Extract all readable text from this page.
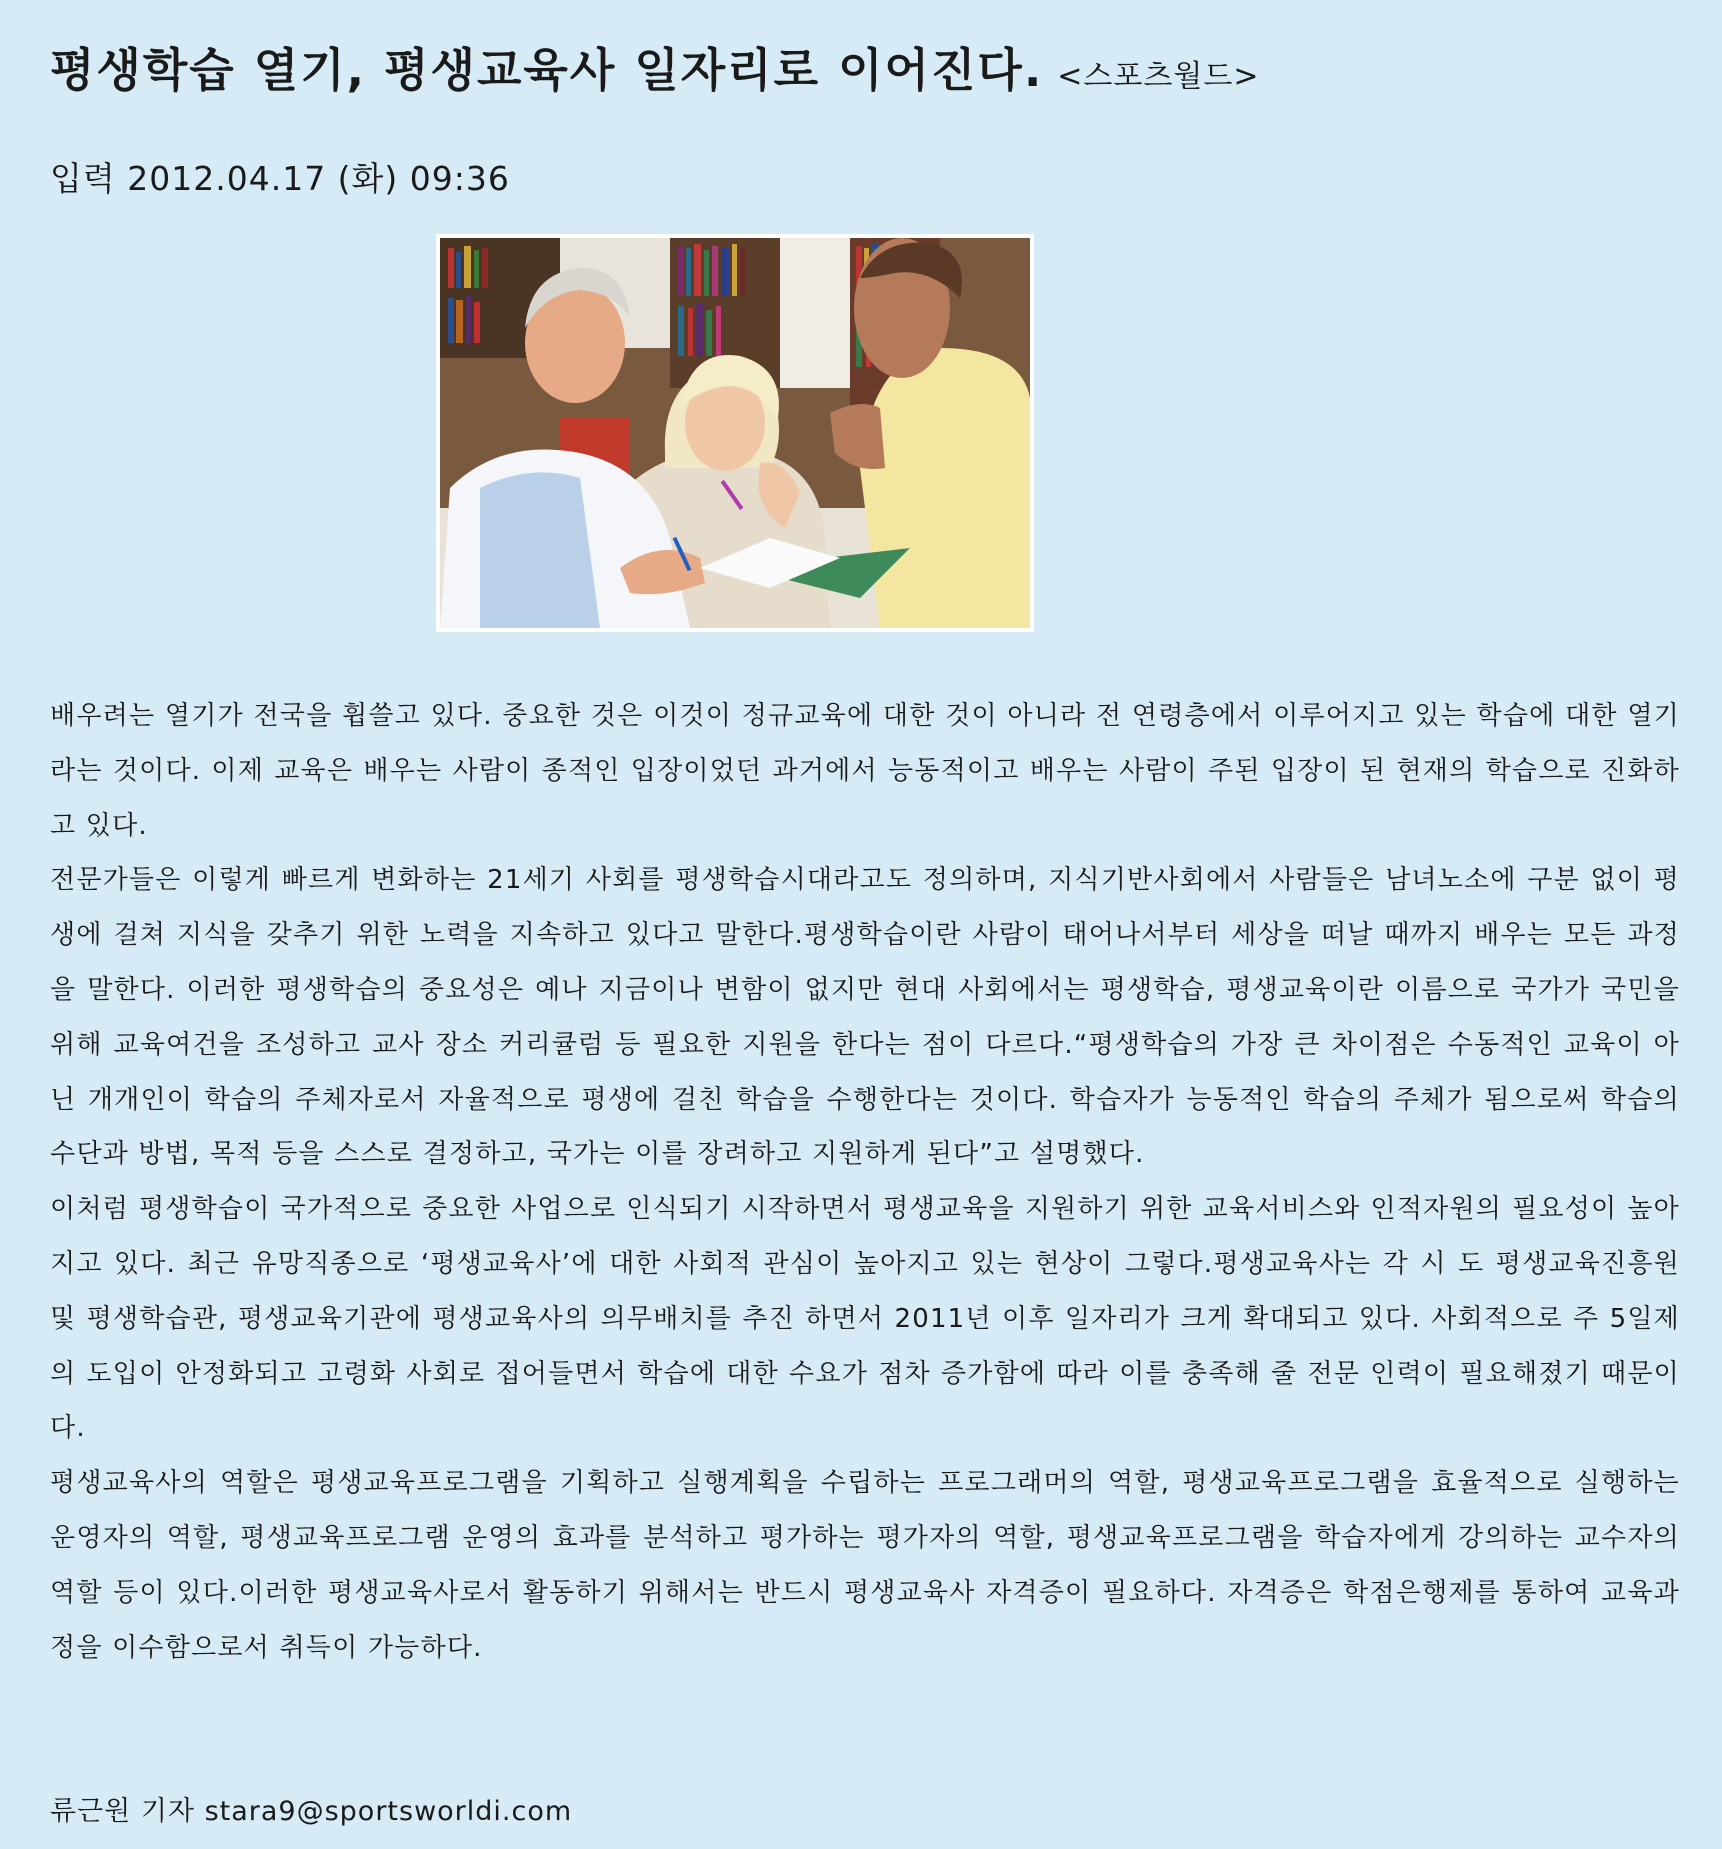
평생학습 열기, 평생교육사 일자리로 이어진다. <스포츠월드>
입력 2012.04.17 (화) 09:36

배우려는 열기가 전국을 휩쓸고 있다. 중요한 것은 이것이 정규교육에 대한 것이 아니라 전 연령층에서 이루어지고 있는 학습에 대한 열기라는 것이다. 이제 교육은 배우는 사람이 종적인 입장이었던 과거에서 능동적이고 배우는 사람이 주된 입장이 된 현재의 학습으로 진화하고 있다.

전문가들은 이렇게 빠르게 변화하는 21세기 사회를 평생학습시대라고도 정의하며, 지식기반사회에서 사람들은 남녀노소에 구분 없이 평생에 걸쳐 지식을 갖추기 위한 노력을 지속하고 있다고 말한다.평생학습이란 사람이 태어나서부터 세상을 떠날 때까지 배우는 모든 과정을 말한다. 이러한 평생학습의 중요성은 예나 지금이나 변함이 없지만 현대 사회에서는 평생학습, 평생교육이란 이름으로 국가가 국민을 위해 교육여건을 조성하고 교사 장소 커리큘럼 등 필요한 지원을 한다는 점이 다르다.“평생학습의 가장 큰 차이점은 수동적인 교육이 아닌 개개인이 학습의 주체자로서 자율적으로 평생에 걸친 학습을 수행한다는 것이다. 학습자가 능동적인 학습의 주체가 됨으로써 학습의 수단과 방법, 목적 등을 스스로 결정하고, 국가는 이를 장려하고 지원하게 된다”고 설명했다.

이처럼 평생학습이 국가적으로 중요한 사업으로 인식되기 시작하면서 평생교육을 지원하기 위한 교육서비스와 인적자원의 필요성이 높아지고 있다. 최근 유망직종으로 ‘평생교육사’에 대한 사회적 관심이 높아지고 있는 현상이 그렇다.평생교육사는 각 시 도 평생교육진흥원 및 평생학습관, 평생교육기관에 평생교육사의 의무배치를 추진 하면서 2011년 이후 일자리가 크게 확대되고 있다. 사회적으로 주 5일제의 도입이 안정화되고 고령화 사회로 접어들면서 학습에 대한 수요가 점차 증가함에 따라 이를 충족해 줄 전문 인력이 필요해졌기 때문이다.

평생교육사의 역할은 평생교육프로그램을 기획하고 실행계획을 수립하는 프로그래머의 역할, 평생교육프로그램을 효율적으로 실행하는 운영자의 역할, 평생교육프로그램 운영의 효과를 분석하고 평가하는 평가자의 역할, 평생교육프로그램을 학습자에게 강의하는 교수자의 역할 등이 있다.이러한 평생교육사로서 활동하기 위해서는 반드시 평생교육사 자격증이 필요하다. 자격증은 학점은행제를 통하여 교육과정을 이수함으로서 취득이 가능하다.

류근원 기자 stara9@sportsworldi.com
